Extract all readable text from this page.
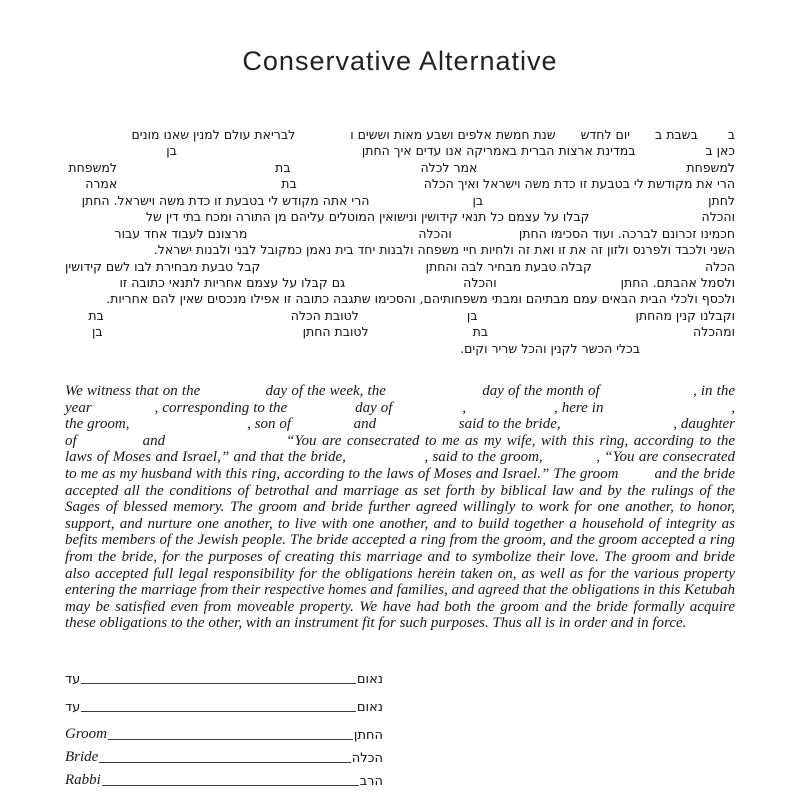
Conservative Alternative
ב
בשבת ב
יום לחדש
שנת חמשת אלפים ושבע מאות וששים ו
לבריאת עולם למנין שאנו מונים
כאן ב
במדינת ארצות הברית באמריקה אנו עדים איך החתן
בן
למשפחת
אמר לכלה
בת
למשפחת
הרי את מקודשת לי בטבעת זו כדת משה וישראל ואיך הכלה
בת
אמרה
לחתן
בן
הרי אתה מקודש לי בטבעת זו כדת משה וישראל. החתן
והכלה
קבלו על עצמם כל תנאי קידושין ונישואין המוטלים עליהם מן התורה ומכח בתי דין של
חכמינו זכרונם לברכה. ועוד הסכימו החתן
והכלה
מרצונם לעבוד אחד עבור
השני ולכבד ולפרנס ולזון זה את זו ואת זה ולחיות חיי משפחה ולבנות יחד בית נאמן כמקובל לבני ולבנות ישראל.
הכלה
קבלה טבעת מבחיר לבה והחתן
קבל טבעת מבחירת לבו לשם קידושין
ולסמל אהבתם. החתן
והכלה
גם קבלו על עצמם אחריות לתנאי כתובה זו
ולכסף ולכלי הבית הבאים עמם מבתיהם ומבתי משפחותיהם, והסכימו שתגבה כתובה זו אפילו מנכסים שאין להם אחריות.
וקבלנו קנין מהחתן
בן
לטובת הכלה
בת
ומהכלה
בת
לטובת החתן
בן
בכלי הכשר לקנין והכל שריר וקים.

We witness that on the	day of the week, the	day of the month of	, in the year	, corresponding to the	day of	,	, here in	, the groom,	, son of	and	said to the bride,	, daughter of	and	“You are consecrated to me as my wife, with this ring, according to the laws of Moses and Israel,” and that the bride,	, said to the groom,	, “You are consecrated to me as my husband with this ring, according to the laws of Moses and Israel.” The groom and the bride accepted all the conditions of betrothal and marriage as set forth by biblical law and by the rulings of the Sages of blessed memory. The groom and bride further agreed willingly to work for one another, to honor, support, and nurture one another, to live with one another, and to build together a household of integrity as befits members of the Jewish people. The bride accepted a ring from the groom, and the groom accepted a ring from the bride, for the purposes of creating this marriage and to symbolize their love. The groom and bride also accepted full legal responsibility for the obligations herein taken on, as well as for the various property entering the marriage from their respective homes and families, and agreed that the obligations in this Ketubah may be satisfied even from moveable property. We have had both the groom and the bride formally acquire these obligations to the other, with an instrument fit for such purposes. Thus all is in order and in force.

עד	נאום
עד	נאום
Groom	החתן
Bride	הכלה
Rabbi	הרב
